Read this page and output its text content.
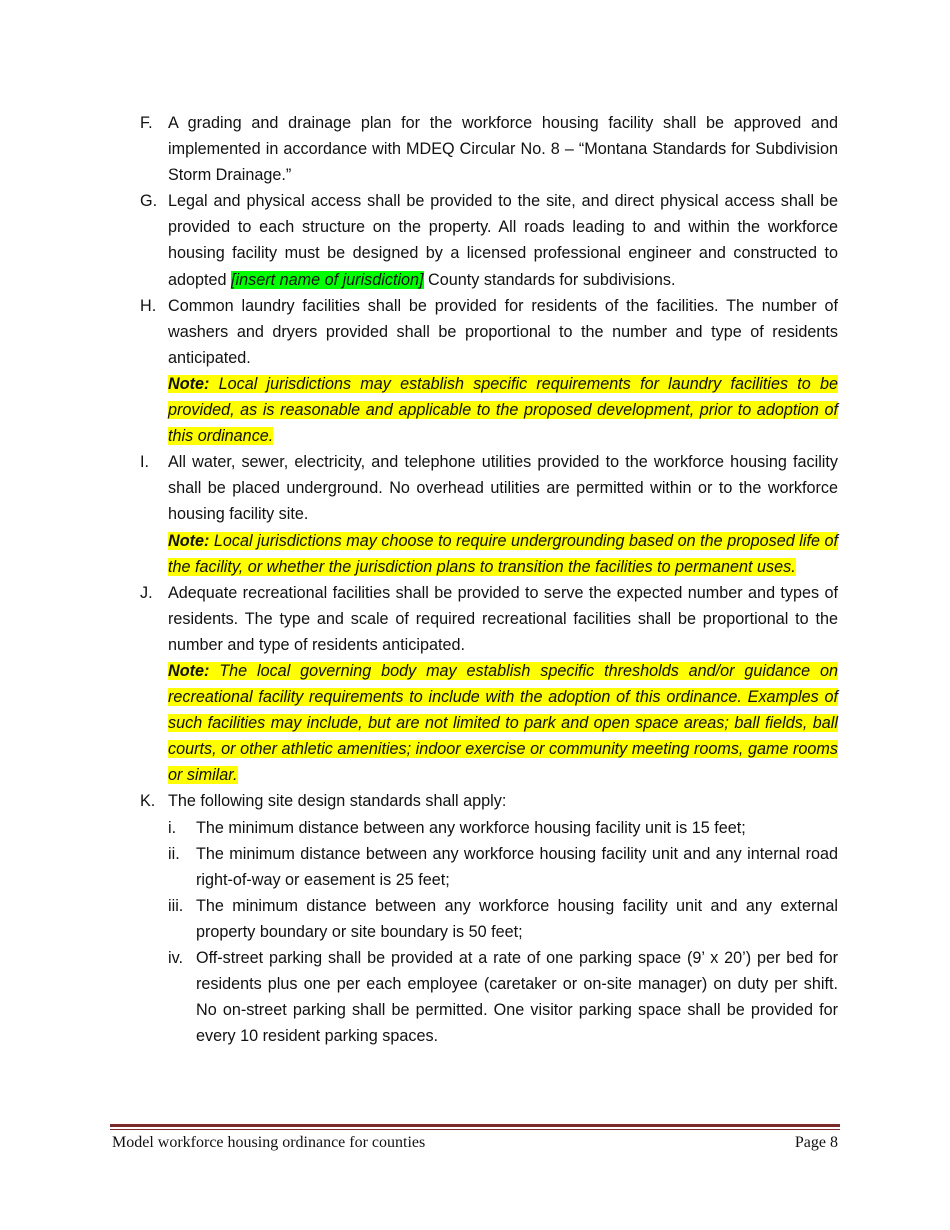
F. A grading and drainage plan for the workforce housing facility shall be approved and implemented in accordance with MDEQ Circular No. 8 – “Montana Standards for Subdivision Storm Drainage.”
G. Legal and physical access shall be provided to the site, and direct physical access shall be provided to each structure on the property. All roads leading to and within the workforce housing facility must be designed by a licensed professional engineer and constructed to adopted [insert name of jurisdiction] County standards for subdivisions.
H. Common laundry facilities shall be provided for residents of the facilities. The number of washers and dryers provided shall be proportional to the number and type of residents anticipated.
Note: Local jurisdictions may establish specific requirements for laundry facilities to be provided, as is reasonable and applicable to the proposed development, prior to adoption of this ordinance.
I. All water, sewer, electricity, and telephone utilities provided to the workforce housing facility shall be placed underground. No overhead utilities are permitted within or to the workforce housing facility site.
Note: Local jurisdictions may choose to require undergrounding based on the proposed life of the facility, or whether the jurisdiction plans to transition the facilities to permanent uses.
J. Adequate recreational facilities shall be provided to serve the expected number and types of residents. The type and scale of required recreational facilities shall be proportional to the number and type of residents anticipated.
Note: The local governing body may establish specific thresholds and/or guidance on recreational facility requirements to include with the adoption of this ordinance. Examples of such facilities may include, but are not limited to park and open space areas; ball fields, ball courts, or other athletic amenities; indoor exercise or community meeting rooms, game rooms or similar.
K. The following site design standards shall apply:
i. The minimum distance between any workforce housing facility unit is 15 feet;
ii. The minimum distance between any workforce housing facility unit and any internal road right-of-way or easement is 25 feet;
iii. The minimum distance between any workforce housing facility unit and any external property boundary or site boundary is 50 feet;
iv. Off-street parking shall be provided at a rate of one parking space (9’ x 20’) per bed for residents plus one per each employee (caretaker or on-site manager) on duty per shift. No on-street parking shall be permitted. One visitor parking space shall be provided for every 10 resident parking spaces.
Model workforce housing ordinance for counties	Page 8
